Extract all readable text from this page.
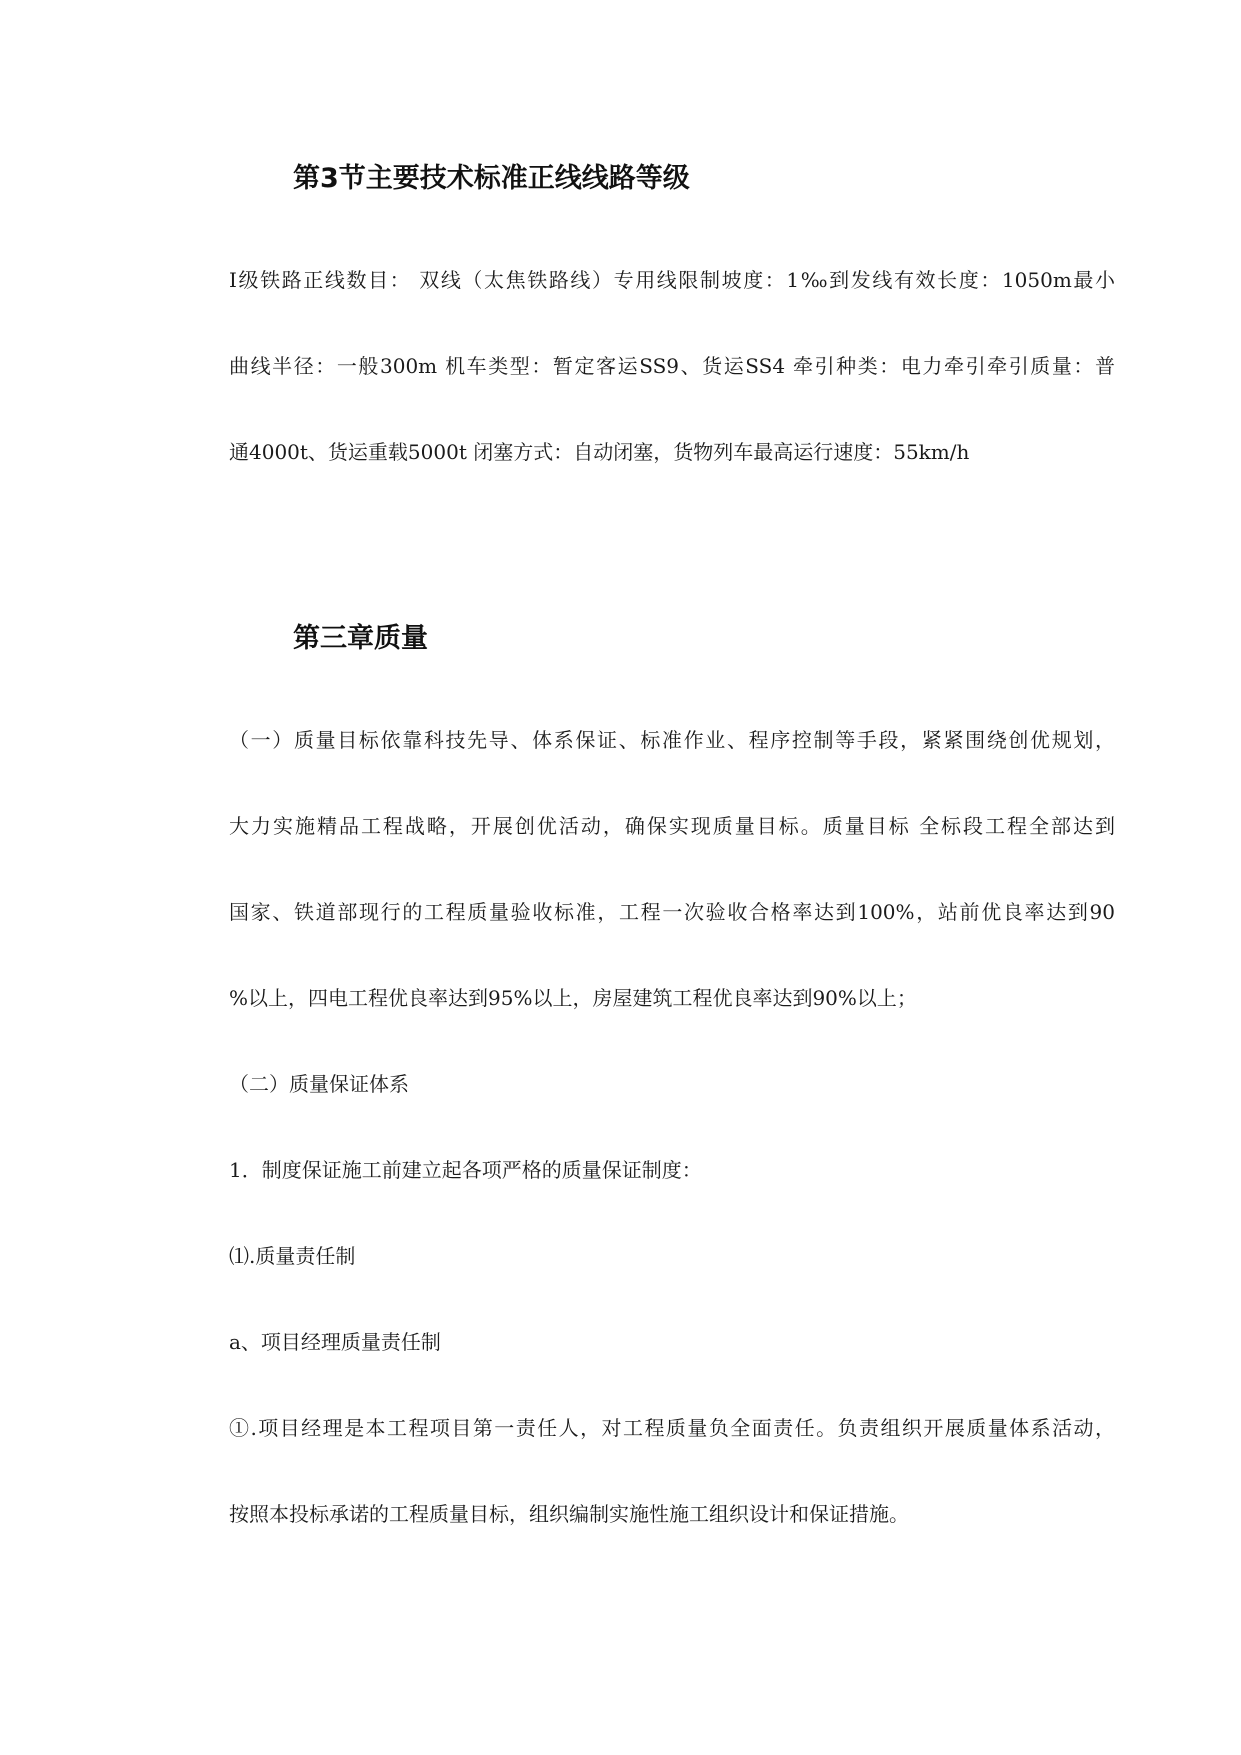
第3节主要技术标准正线线路等级
Ⅰ级铁路正线数目： 双线（太焦铁路线）专用线限制坡度：1‰到发线有效长度：1050m最小
曲线半径：一般300m 机车类型：暂定客运SS9、货运SS4 牵引种类：电力牵引牵引质量：普
通4000t、货运重载5000t 闭塞方式：自动闭塞，货物列车最高运行速度：55km/h
第三章质量
（一）质量目标依靠科技先导、体系保证、标准作业、程序控制等手段，紧紧围绕创优规划，
大力实施精品工程战略，开展创优活动，确保实现质量目标。质量目标 全标段工程全部达到
国家、铁道部现行的工程质量验收标准，工程一次验收合格率达到100%，站前优良率达到90
%以上，四电工程优良率达到95%以上，房屋建筑工程优良率达到90%以上；
（二）质量保证体系
1．制度保证施工前建立起各项严格的质量保证制度：
⑴.质量责任制
a、项目经理质量责任制
①.项目经理是本工程项目第一责任人，对工程质量负全面责任。负责组织开展质量体系活动，
按照本投标承诺的工程质量目标，组织编制实施性施工组织设计和保证措施。
